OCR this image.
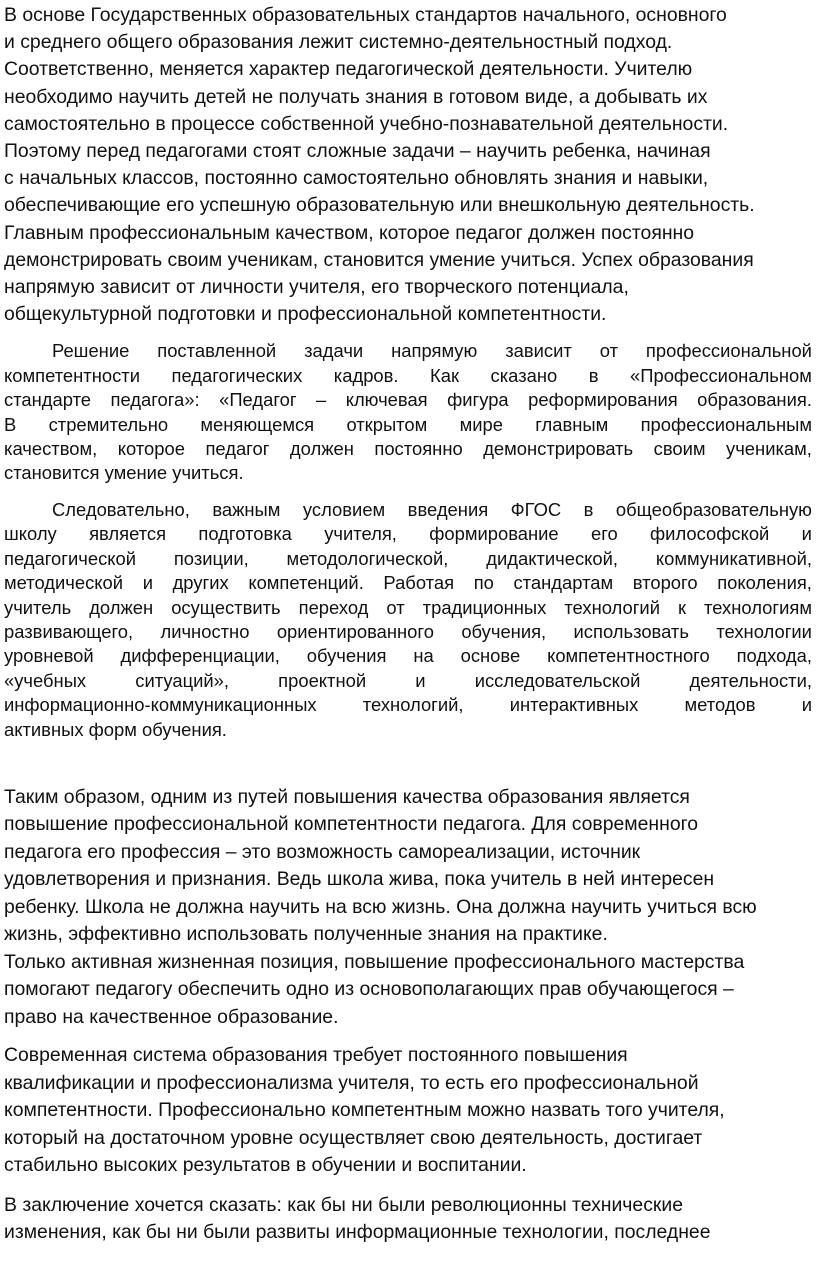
В основе Государственных образовательных стандартов начального, основного
и среднего общего образования лежит системно-деятельностный подход.
Соответственно, меняется характер педагогической деятельности. Учителю
необходимо научить детей не получать знания в готовом виде, а добывать их
самостоятельно в процессе собственной учебно-познавательной деятельности.
Поэтому перед педагогами стоят сложные задачи – научить ребенка, начиная
с начальных классов, постоянно самостоятельно обновлять знания и навыки,
обеспечивающие его успешную образовательную или внешкольную деятельность.
Главным профессиональным качеством, которое педагог должен постоянно
демонстрировать своим ученикам, становится умение учиться. Успех образования
напрямую зависит от личности учителя, его творческого потенциала,
общекультурной подготовки и профессиональной компетентности.
Решение поставленной задачи напрямую зависит от профессиональной
компетентности педагогических кадров. Как сказано в «Профессиональном
стандарте педагога»: «Педагог – ключевая фигура реформирования образования.
В стремительно меняющемся открытом мире главным профессиональным
качеством, которое педагог должен постоянно демонстрировать своим ученикам,
становится умение учиться.
Следовательно, важным условием введения ФГОС в общеобразовательную
школу является подготовка учителя, формирование его философской и
педагогической позиции, методологической, дидактической, коммуникативной,
методической и других компетенций. Работая по стандартам второго поколения,
учитель должен осуществить переход от традиционных технологий к технологиям
развивающего, личностно ориентированного обучения, использовать технологии
уровневой дифференциации, обучения на основе компетентностного подхода,
«учебных	ситуаций»,	проектной	и	исследовательской	деятельности,
информационно-коммуникационных	технологий,	интерактивных	методов	и
активных форм обучения.
Таким образом, одним из путей повышения качества образования является
повышение профессиональной компетентности педагога. Для современного
педагога его профессия – это возможность самореализации, источник
удовлетворения и признания. Ведь школа жива, пока учитель в ней интересен
ребенку. Школа не должна научить на всю жизнь. Она должна научить учиться всю
жизнь, эффективно использовать полученные знания на практике.
Только активная жизненная позиция, повышение профессионального мастерства
помогают педагогу обеспечить одно из основополагающих прав обучающегося –
право на качественное образование.
Современная система образования требует постоянного повышения
квалификации и профессионализма учителя, то есть его профессиональной
компетентности. Профессионально компетентным можно назвать того учителя,
который на достаточном уровне осуществляет свою деятельность, достигает
стабильно высоких результатов в обучении и воспитании.
В заключение хочется сказать: как бы ни были революционны технические
изменения, как бы ни были развиты информационные технологии, последнее
